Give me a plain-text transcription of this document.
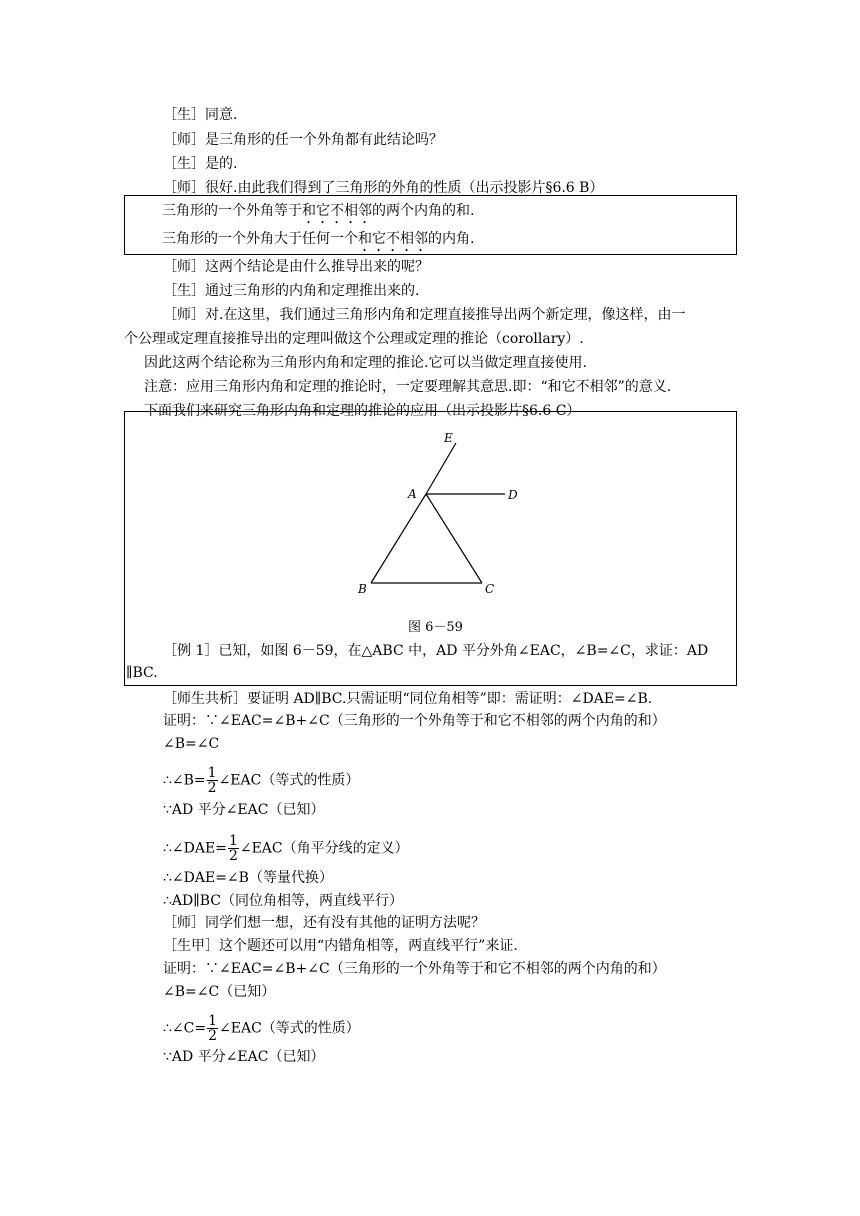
［生］同意.
［师］是三角形的任一个外角都有此结论吗？
［生］是的.
［师］很好.由此我们得到了三角形的外角的性质（出示投影片§6.6 B）
三角形的一个外角等于和它不相邻的两个内角的和.
三角形的一个外角大于任何一个和它不相邻的内角.
［师］这两个结论是由什么推导出来的呢？
［生］通过三角形的内角和定理推出来的.
［师］对.在这里，我们通过三角形内角和定理直接推导出两个新定理，像这样，由一
个公理或定理直接推导出的定理叫做这个公理或定理的推论（corollary）.
因此这两个结论称为三角形内角和定理的推论.它可以当做定理直接使用.
注意：应用三角形内角和定理的推论时，一定要理解其意思.即：“和它不相邻”的意义.
下面我们来研究三角形内角和定理的推论的应用（出示投影片§6.6 C）
E
A	D
B	C
图 6－59
［例 1］已知，如图 6－59，在△ABC 中，AD 平分外角∠EAC，∠B=∠C，求证：AD
∥BC.
［师生共析］要证明 AD∥BC.只需证明“同位角相等”即：需证明：∠DAE=∠B.
证明：∵∠EAC=∠B+∠C（三角形的一个外角等于和它不相邻的两个内角的和）
∠B=∠C
∴∠B= $\frac{1}{2}$ ∠EAC（等式的性质）
∵AD 平分∠EAC（已知）
∴∠DAE= $\frac{1}{2}$ ∠EAC（角平分线的定义）
∴∠DAE=∠B（等量代换）
∴AD∥BC（同位角相等，两直线平行）
［师］同学们想一想，还有没有其他的证明方法呢？
［生甲］这个题还可以用“内错角相等，两直线平行”来证.
证明：∵∠EAC=∠B+∠C（三角形的一个外角等于和它不相邻的两个内角的和）
∠B=∠C（已知）
∴∠C= $\frac{1}{2}$ ∠EAC（等式的性质）
∵AD 平分∠EAC（已知）
